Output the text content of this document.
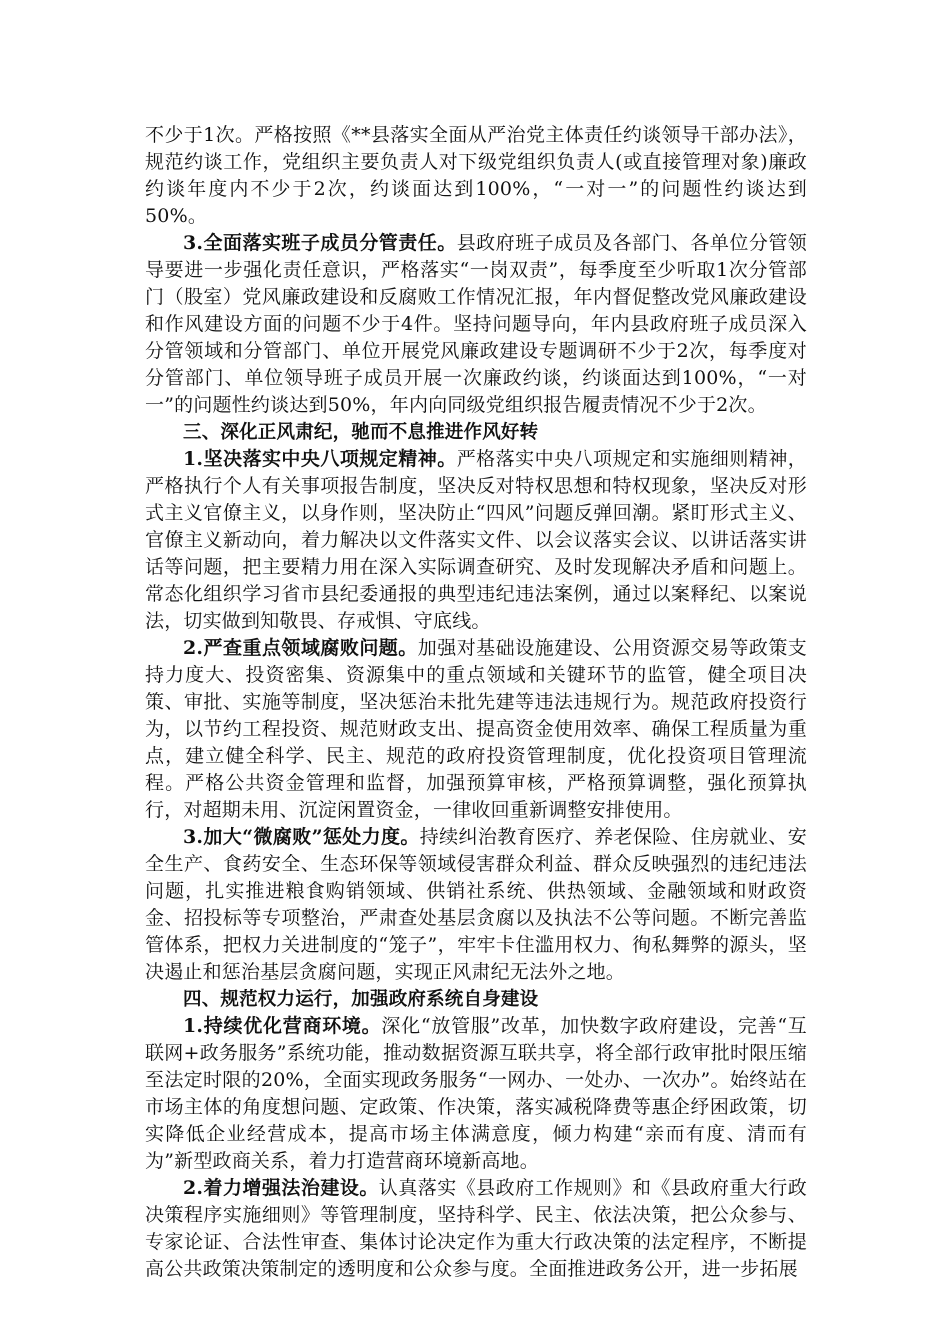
不少于1次。严格按照《**县落实全面从严治党主体责任约谈领导干部办法》，规范约谈工作，党组织主要负责人对下级党组织负责人(或直接管理对象)廉政约谈年度内不少于2次，约谈面达到100%，“一对一”的问题性约谈达到50%。

3.全面落实班子成员分管责任。县政府班子成员及各部门、各单位分管领导要进一步强化责任意识，严格落实“一岗双责”，每季度至少听取1次分管部门（股室）党风廉政建设和反腐败工作情况汇报，年内督促整改党风廉政建设和作风建设方面的问题不少于4件。坚持问题导向，年内县政府班子成员深入分管领域和分管部门、单位开展党风廉政建设专题调研不少于2次，每季度对分管部门、单位领导班子成员开展一次廉政约谈，约谈面达到100%，“一对一”的问题性约谈达到50%，年内向同级党组织报告履责情况不少于2次。

三、深化正风肃纪，驰而不息推进作风好转

1.坚决落实中央八项规定精神。严格落实中央八项规定和实施细则精神，严格执行个人有关事项报告制度，坚决反对特权思想和特权现象，坚决反对形式主义官僚主义，以身作则，坚决防止“四风”问题反弹回潮。紧盯形式主义、官僚主义新动向，着力解决以文件落实文件、以会议落实会议、以讲话落实讲话等问题，把主要精力用在深入实际调查研究、及时发现解决矛盾和问题上。常态化组织学习省市县纪委通报的典型违纪违法案例，通过以案释纪、以案说法，切实做到知敬畏、存戒惧、守底线。

2.严查重点领域腐败问题。加强对基础设施建设、公用资源交易等政策支持力度大、投资密集、资源集中的重点领域和关键环节的监管，健全项目决策、审批、实施等制度，坚决惩治未批先建等违法违规行为。规范政府投资行为，以节约工程投资、规范财政支出、提高资金使用效率、确保工程质量为重点，建立健全科学、民主、规范的政府投资管理制度，优化投资项目管理流程。严格公共资金管理和监督，加强预算审核，严格预算调整，强化预算执行，对超期未用、沉淀闲置资金，一律收回重新调整安排使用。

3.加大“微腐败”惩处力度。持续纠治教育医疗、养老保险、住房就业、安全生产、食药安全、生态环保等领域侵害群众利益、群众反映强烈的违纪违法问题，扎实推进粮食购销领域、供销社系统、供热领域、金融领域和财政资金、招投标等专项整治，严肃查处基层贪腐以及执法不公等问题。不断完善监管体系，把权力关进制度的“笼子”，牢牢卡住滥用权力、徇私舞弊的源头，坚决遏止和惩治基层贪腐问题，实现正风肃纪无法外之地。

四、规范权力运行，加强政府系统自身建设

1.持续优化营商环境。深化“放管服”改革，加快数字政府建设，完善“互联网+政务服务”系统功能，推动数据资源互联共享，将全部行政审批时限压缩至法定时限的20%，全面实现政务服务“一网办、一处办、一次办”。始终站在市场主体的角度想问题、定政策、作决策，落实减税降费等惠企纾困政策，切实降低企业经营成本，提高市场主体满意度，倾力构建“亲而有度、清而有为”新型政商关系，着力打造营商环境新高地。

2.着力增强法治建设。认真落实《县政府工作规则》和《县政府重大行政决策程序实施细则》等管理制度，坚持科学、民主、依法决策，把公众参与、专家论证、合法性审查、集体讨论决定作为重大行政决策的法定程序，不断提高公共政策决策制定的透明度和公众参与度。全面推进政务公开，进一步拓展
